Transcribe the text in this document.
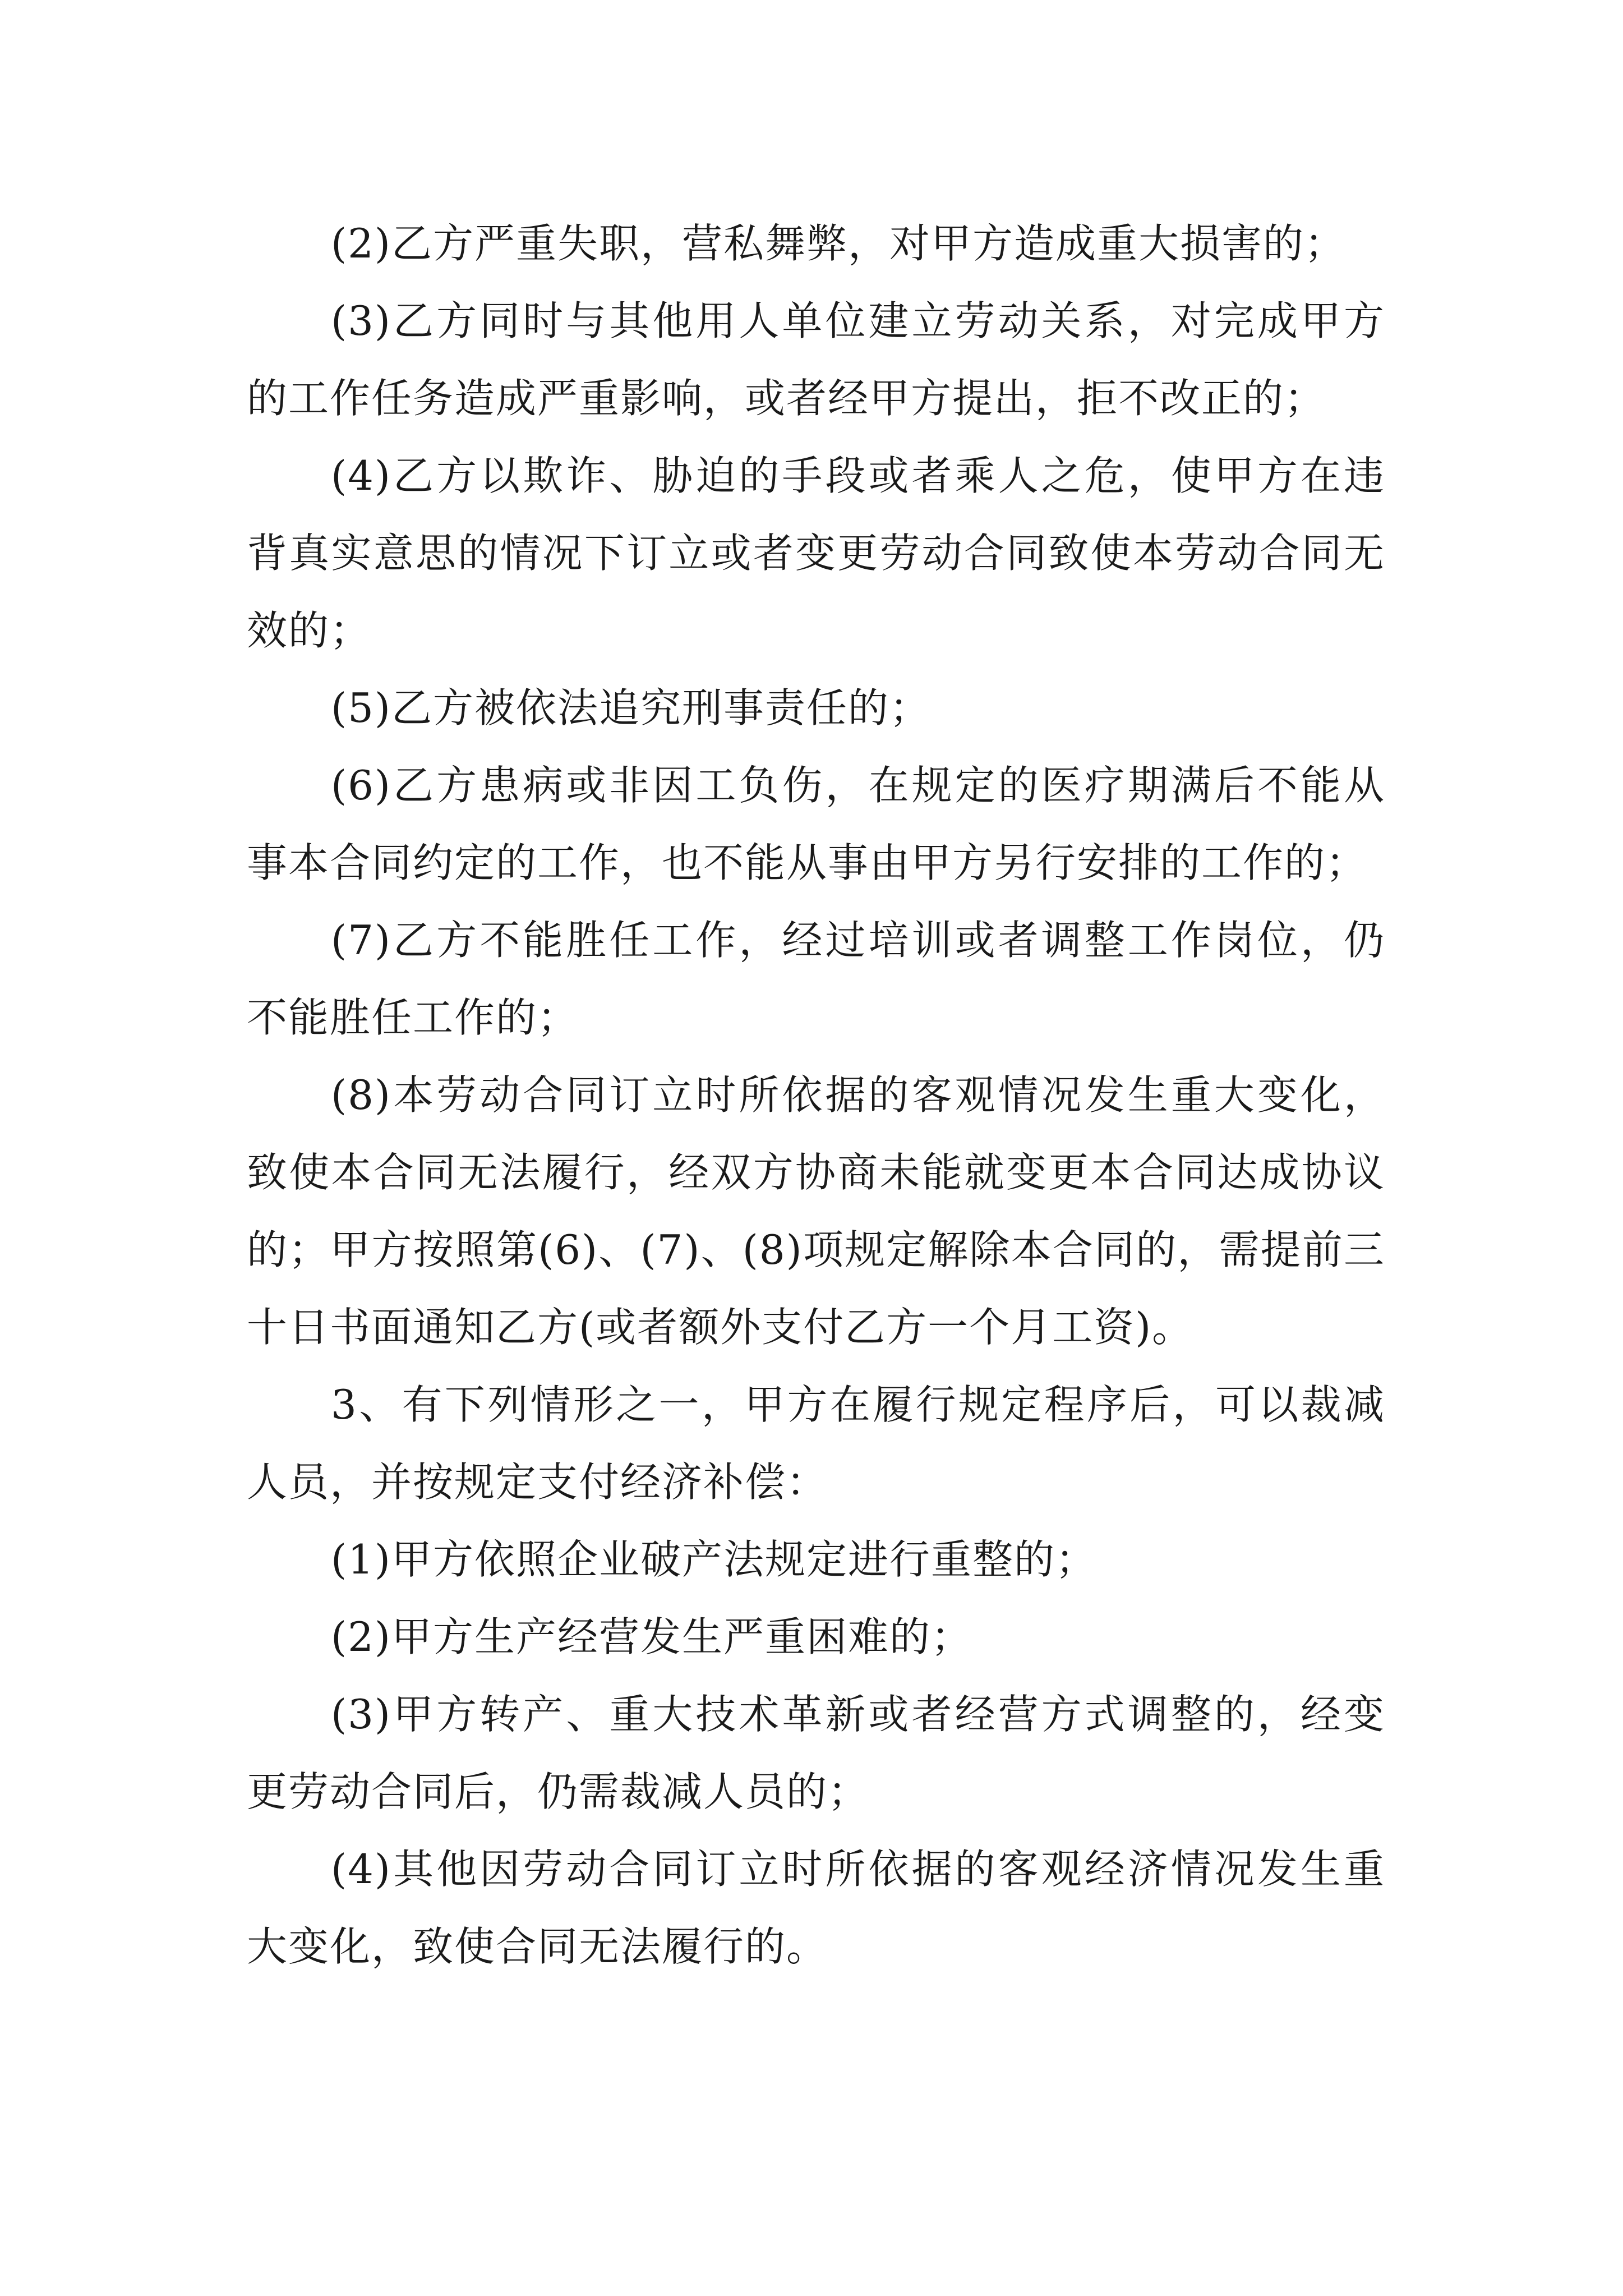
(2)乙方严重失职，营私舞弊，对甲方造成重大损害的；

(3)乙方同时与其他用人单位建立劳动关系，对完成甲方的工作任务造成严重影响，或者经甲方提出，拒不改正的；

(4)乙方以欺诈、胁迫的手段或者乘人之危，使甲方在违背真实意思的情况下订立或者变更劳动合同致使本劳动合同无效的；

(5)乙方被依法追究刑事责任的；

(6)乙方患病或非因工负伤，在规定的医疗期满后不能从事本合同约定的工作，也不能从事由甲方另行安排的工作的；

(7)乙方不能胜任工作，经过培训或者调整工作岗位，仍不能胜任工作的；

(8)本劳动合同订立时所依据的客观情况发生重大变化，致使本合同无法履行，经双方协商未能就变更本合同达成协议的；甲方按照第(6)、(7)、(8)项规定解除本合同的，需提前三十日书面通知乙方(或者额外支付乙方一个月工资)。

3、有下列情形之一，甲方在履行规定程序后，可以裁减人员，并按规定支付经济补偿：

(1)甲方依照企业破产法规定进行重整的；

(2)甲方生产经营发生严重困难的；

(3)甲方转产、重大技术革新或者经营方式调整的，经变更劳动合同后，仍需裁减人员的；

(4)其他因劳动合同订立时所依据的客观经济情况发生重大变化，致使合同无法履行的。
